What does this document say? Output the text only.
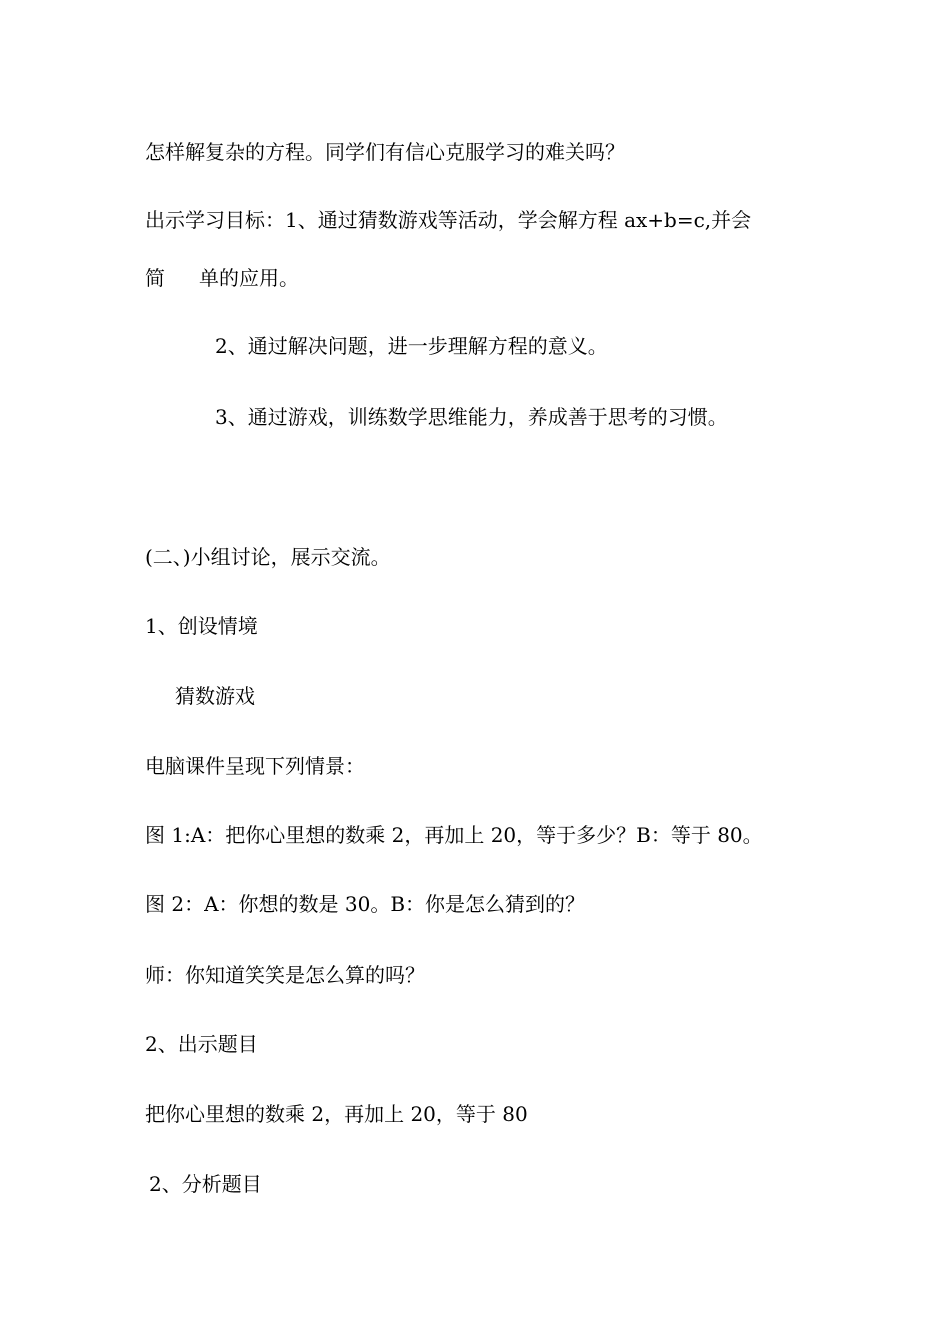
怎样解复杂的方程。同学们有信心克服学习的难关吗？
出示学习目标：1、通过猜数游戏等活动，学会解方程 ax+b=c,并会
简 单的应用。
2、通过解决问题，进一步理解方程的意义。
3、通过游戏，训练数学思维能力，养成善于思考的习惯。
(二、)小组讨论，展示交流。
1、创设情境
猜数游戏
电脑课件呈现下列情景：
图 1:A：把你心里想的数乘 2，再加上 20，等于多少？B：等于 80。
图 2：A：你想的数是 30。B：你是怎么猜到的？
师：你知道笑笑是怎么算的吗？
2、出示题目
把你心里想的数乘 2，再加上 20，等于 80
2、分析题目
